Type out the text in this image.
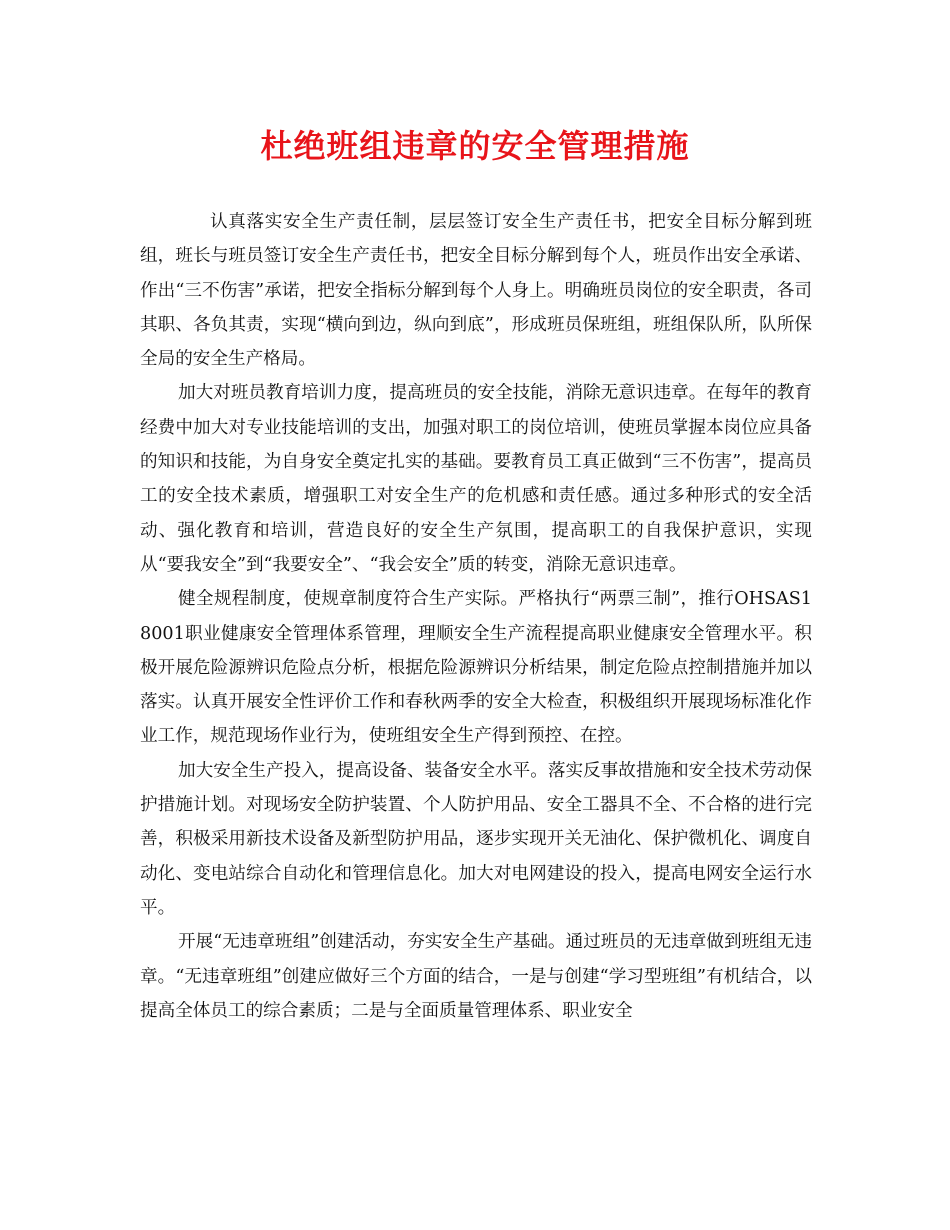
杜绝班组违章的安全管理措施

认真落实安全生产责任制，层层签订安全生产责任书，把安全目标分解到班组，班长与班员签订安全生产责任书，把安全目标分解到每个人，班员作出安全承诺、作出“三不伤害”承诺，把安全指标分解到每个人身上。明确班员岗位的安全职责，各司其职、各负其责，实现“横向到边，纵向到底”，形成班员保班组，班组保队所，队所保全局的安全生产格局。

加大对班员教育培训力度，提高班员的安全技能，消除无意识违章。在每年的教育经费中加大对专业技能培训的支出，加强对职工的岗位培训，使班员掌握本岗位应具备的知识和技能，为自身安全奠定扎实的基础。要教育员工真正做到“三不伤害”，提高员工的安全技术素质，增强职工对安全生产的危机感和责任感。通过多种形式的安全活动、强化教育和培训，营造良好的安全生产氛围，提高职工的自我保护意识，实现从“要我安全”到“我要安全”、“我会安全”质的转变，消除无意识违章。

健全规程制度，使规章制度符合生产实际。严格执行“两票三制”，推行OHSAS18001职业健康安全管理体系管理，理顺安全生产流程提高职业健康安全管理水平。积极开展危险源辨识危险点分析，根据危险源辨识分析结果，制定危险点控制措施并加以落实。认真开展安全性评价工作和春秋两季的安全大检查，积极组织开展现场标准化作业工作，规范现场作业行为，使班组安全生产得到预控、在控。

加大安全生产投入，提高设备、装备安全水平。落实反事故措施和安全技术劳动保护措施计划。对现场安全防护装置、个人防护用品、安全工器具不全、不合格的进行完善，积极采用新技术设备及新型防护用品，逐步实现开关无油化、保护微机化、调度自动化、变电站综合自动化和管理信息化。加大对电网建设的投入，提高电网安全运行水平。

开展“无违章班组”创建活动，夯实安全生产基础。通过班员的无违章做到班组无违章。“无违章班组”创建应做好三个方面的结合，一是与创建“学习型班组”有机结合，以提高全体员工的综合素质；二是与全面质量管理体系、职业安全
